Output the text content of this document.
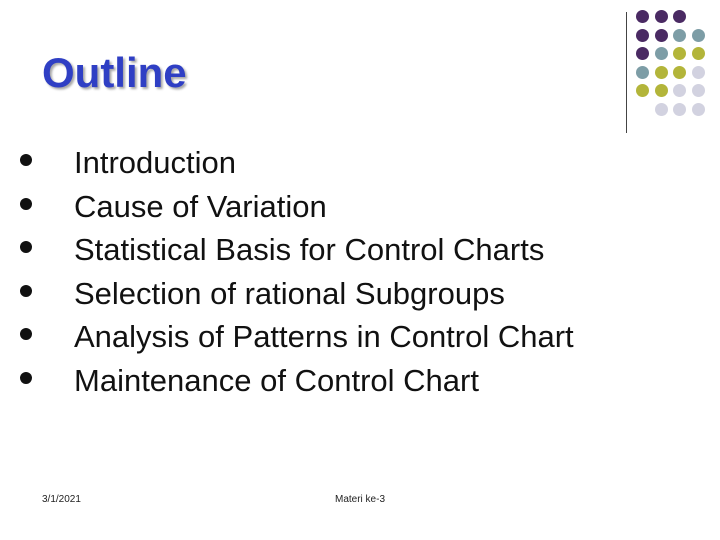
Outline
Introduction
Cause of Variation
Statistical Basis for Control Charts
Selection of rational Subgroups
Analysis of Patterns in Control Chart
Maintenance of Control Chart
3/1/2021	Materi ke-3
